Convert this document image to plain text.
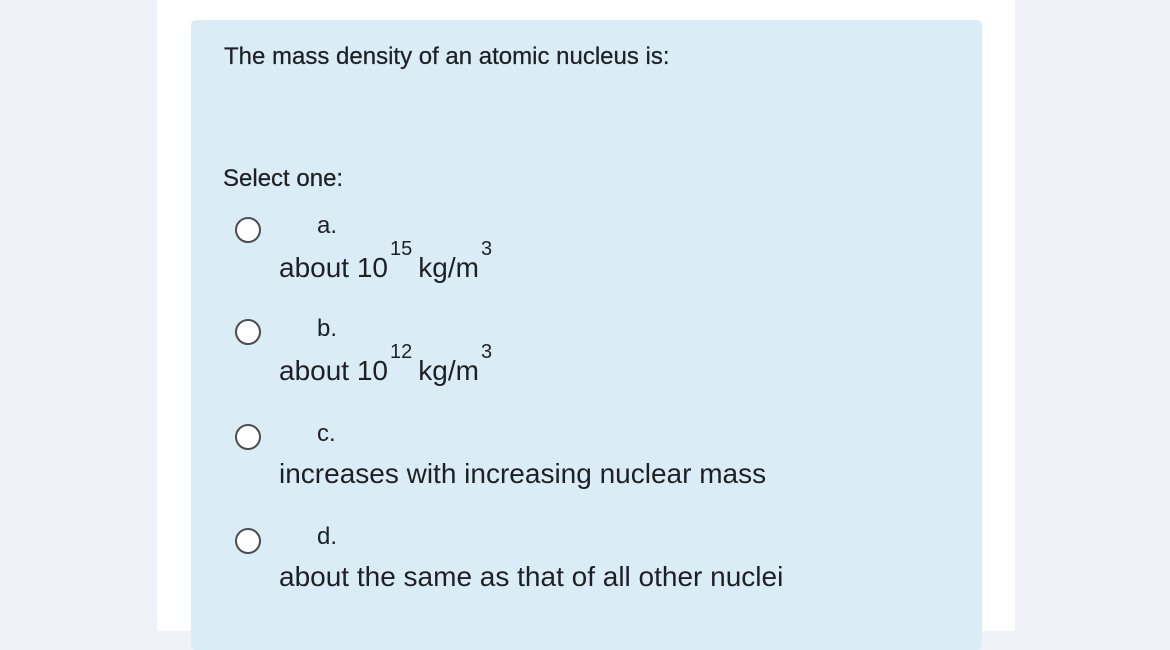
The mass density of an atomic nucleus is:
Select one:
a.
about 1015kg/m3
b.
about 1012kg/m3
c.
increases with increasing nuclear mass
d.
about the same as that of all other nuclei
